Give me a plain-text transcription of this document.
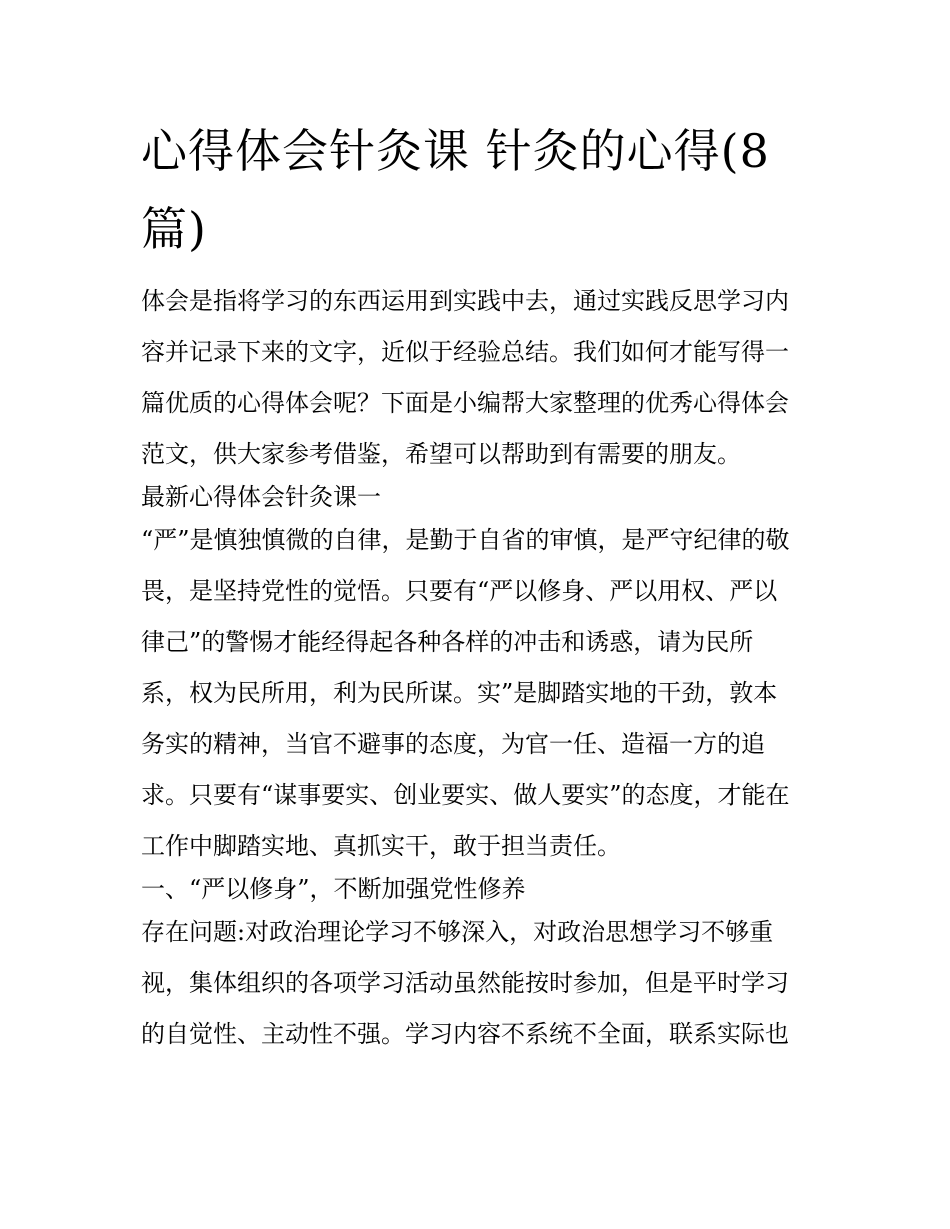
心得体会针灸课 针灸的心得(8篇)
体会是指将学习的东西运用到实践中去，通过实践反思学习内
容并记录下来的文字，近似于经验总结。我们如何才能写得一
篇优质的心得体会呢？下面是小编帮大家整理的优秀心得体会
范文，供大家参考借鉴，希望可以帮助到有需要的朋友。
最新心得体会针灸课一
“严”是慎独慎微的自律，是勤于自省的审慎，是严守纪律的敬
畏，是坚持党性的觉悟。只要有“严以修身、严以用权、严以
律己”的警惕才能经得起各种各样的冲击和诱惑，请为民所
系，权为民所用，利为民所谋。实”是脚踏实地的干劲，敦本
务实的精神，当官不避事的态度，为官一任、造福一方的追
求。只要有“谋事要实、创业要实、做人要实”的态度，才能在
工作中脚踏实地、真抓实干，敢于担当责任。
一、“严以修身”，不断加强党性修养
存在问题:对政治理论学习不够深入，对政治思想学习不够重
视，集体组织的各项学习活动虽然能按时参加，但是平时学习
的自觉性、主动性不强。学习内容不系统不全面，联系实际也
